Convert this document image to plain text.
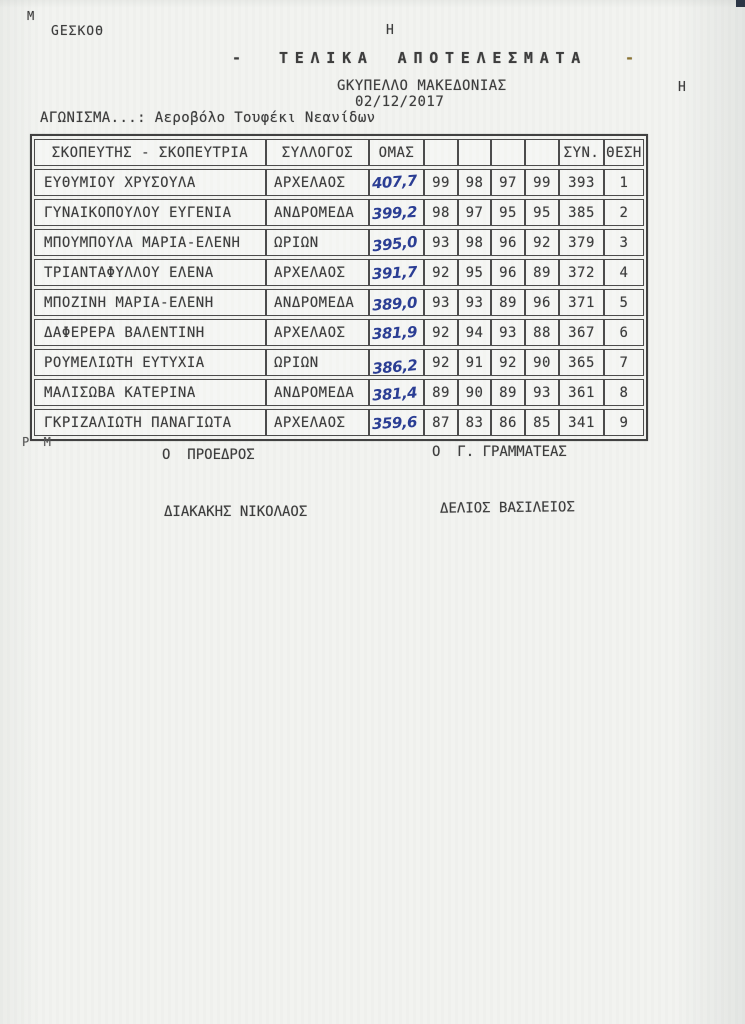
M
GEΣΚΟΘ	H
-	ΤΕΛΙΚΑ ΑΠΟΤΕΛΕΣΜΑΤΑ	-
GΚΥΠΕΛΛΟ ΜΑΚΕΔΟΝΙΑΣ	H
02/12/2017
ΑΓΩΝΙΣΜΑ...: Αεροβόλο Τουφέκι Νεανίδων
ΣΚΟΠΕΥΤΗΣ - ΣΚΟΠΕΥΤΡΙΑ	ΣΥΛΛΟΓΟΣ	ΟΜΑΣ					ΣΥΝ.	ΘΕΣΗ
ΕΥΘΥΜΙΟΥ ΧΡΥΣΟΥΛΑ	ΑΡΧΕΛΑΟΣ	407,7	99	98	97	99	393	1
ΓΥΝΑΙΚΟΠΟΥΛΟΥ ΕΥΓΕΝΙΑ	ΑΝΔΡΟΜΕΔΑ	399,2	98	97	95	95	385	2
ΜΠΟΥΜΠΟΥΛΑ ΜΑΡΙΑ-ΕΛΕΝΗ	ΩΡΙΩΝ	395,0	93	98	96	92	379	3
ΤΡΙΑΝΤΑΦΥΛΛΟΥ ΕΛΕΝΑ	ΑΡΧΕΛΑΟΣ	391,7	92	95	96	89	372	4
ΜΠΟΖΙΝΗ ΜΑΡΙΑ-ΕΛΕΝΗ	ΑΝΔΡΟΜΕΔΑ	389,0	93	93	89	96	371	5
ΔΑΦΕΡΕΡΑ ΒΑΛΕΝΤΙΝΗ	ΑΡΧΕΛΑΟΣ	381,9	92	94	93	88	367	6
ΡΟΥΜΕΛΙΩΤΗ ΕΥΤΥΧΙΑ	ΩΡΙΩΝ	386,2	92	91	92	90	365	7
ΜΑΛΙΣΩΒΑ ΚΑΤΕΡΙΝΑ	ΑΝΔΡΟΜΕΔΑ	381,4	89	90	89	93	361	8
ΓΚΡΙΖΑΛΙΩΤΗ ΠΑΝΑΓΙΩΤΑ	ΑΡΧΕΛΑΟΣ	359,6	87	83	86	85	341	9
P  M
Ο  ΠΡΟΕΔΡΟΣ	Ο  Γ. ΓΡΑΜΜΑΤΕΑΣ
ΔΙΑΚΑΚΗΣ ΝΙΚΟΛΑΟΣ	ΔΕΛΙΟΣ ΒΑΣΙΛΕΙΟΣ
